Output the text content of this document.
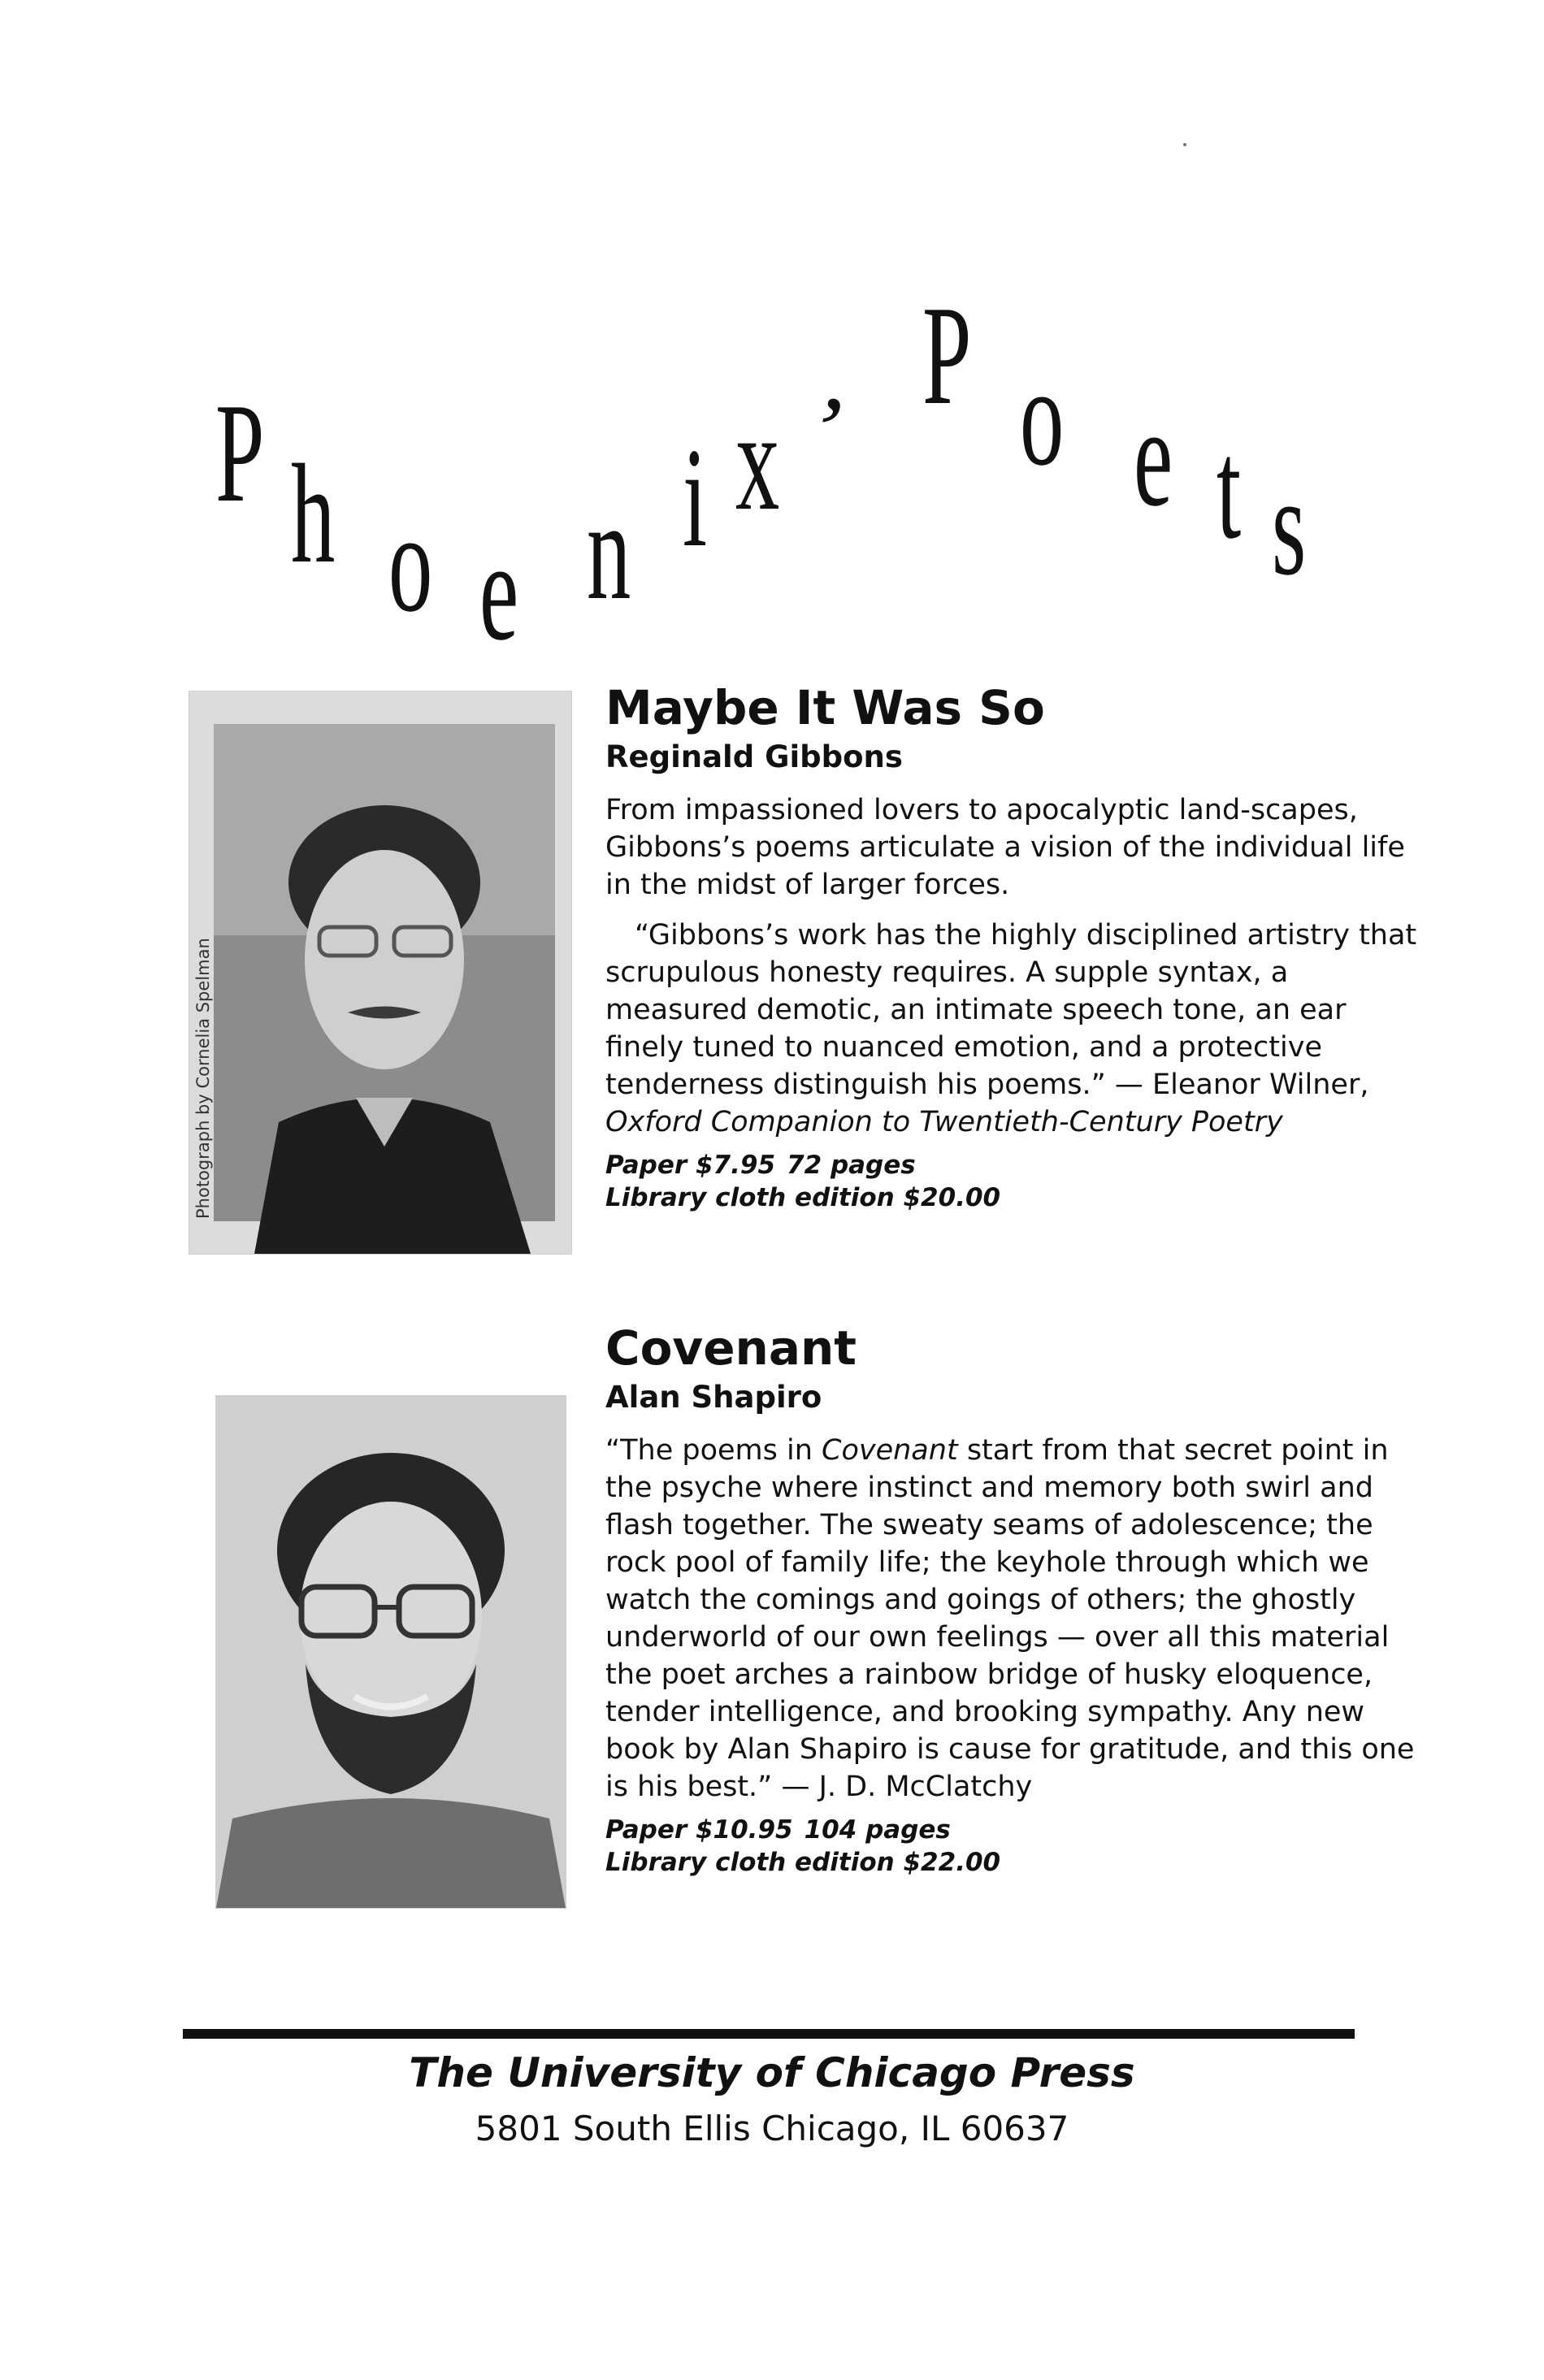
P h o e n i x ’ P o e t s
Photograph by Cornelia Spelman
Maybe It Was So
Reginald Gibbons

From impassioned lovers to apocalyptic land-scapes, Gibbons’s poems articulate a vision of the individual life in the midst of larger forces.

“Gibbons’s work has the highly disciplined artistry that scrupulous honesty requires. A supple syntax, a measured demotic, an intimate speech tone, an ear finely tuned to nuanced emotion, and a protective tenderness distinguish his poems.” — Eleanor Wilner, Oxford Companion to Twentieth-Century Poetry

Paper $7.95 72 pages

Library cloth edition $20.00

Covenant
Alan Shapiro

“The poems in Covenant start from that secret point in the psyche where instinct and memory both swirl and flash together. The sweaty seams of adolescence; the rock pool of family life; the keyhole through which we watch the comings and goings of others; the ghostly underworld of our own feelings — over all this material the poet arches a rainbow bridge of husky eloquence, tender intelligence, and brooking sympathy. Any new book by Alan Shapiro is cause for gratitude, and this one is his best.” — J. D. McClatchy

Paper $10.95 104 pages

Library cloth edition $22.00

The University of Chicago Press
5801 South Ellis Chicago, IL 60637
